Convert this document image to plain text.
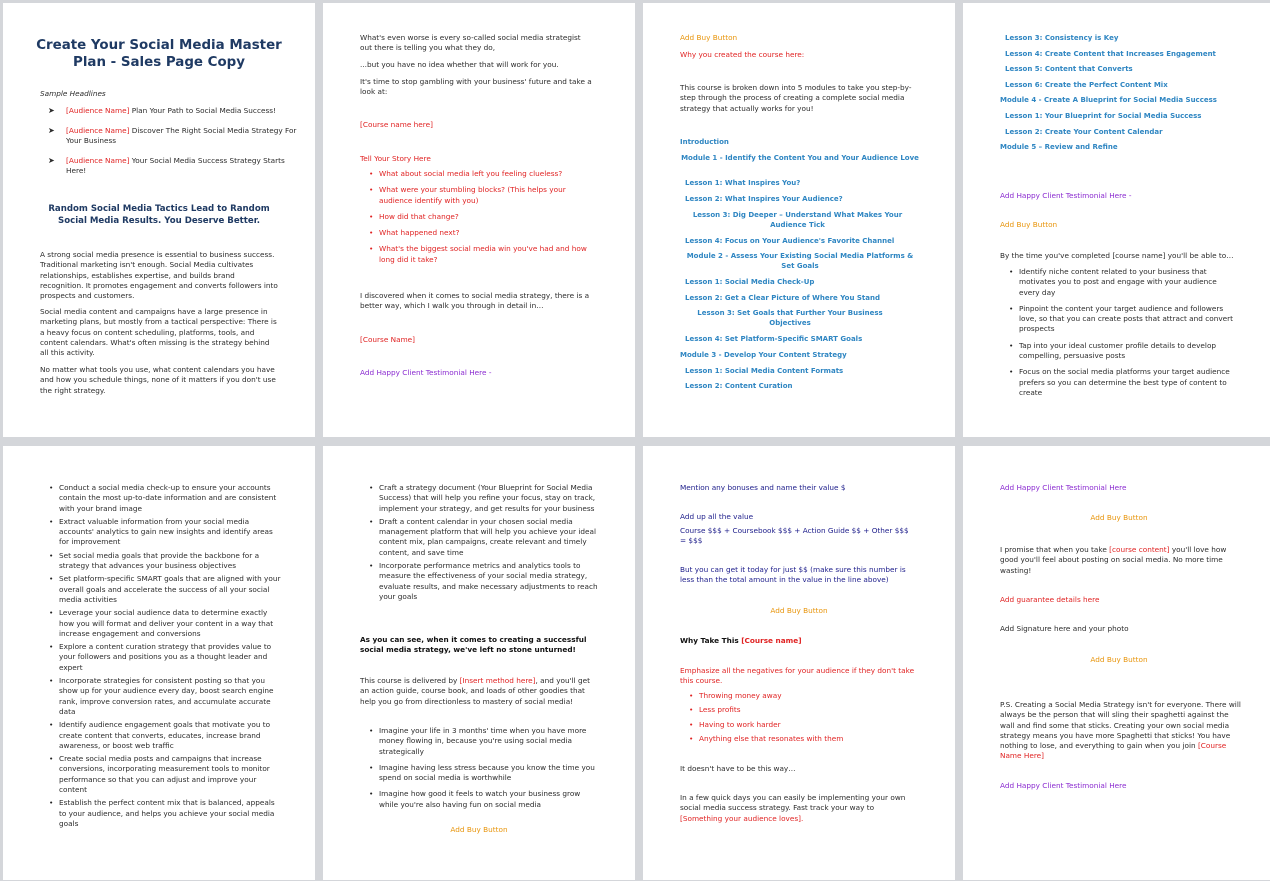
Create Your Social Media Master Plan - Sales Page Copy
Sample Headlines
➤ [Audience Name] Plan Your Path to Social Media Success!
➤ [Audience Name] Discover The Right Social Media Strategy For Your Business
➤ [Audience Name] Your Social Media Success Strategy Starts Here!
Random Social Media Tactics Lead to Random Social Media Results. You Deserve Better.
A strong social media presence is essential to business success. Traditional marketing isn't enough. Social Media cultivates relationships, establishes expertise, and builds brand recognition. It promotes engagement and converts followers into prospects and customers.
Social media content and campaigns have a large presence in marketing plans, but mostly from a tactical perspective: There is a heavy focus on content scheduling, platforms, tools, and content calendars. What's often missing is the strategy behind all this activity.
No matter what tools you use, what content calendars you have and how you schedule things, none of it matters if you don't use the right strategy.
What's even worse is every so-called social media strategist out there is telling you what they do,
...but you have no idea whether that will work for you.
It's time to stop gambling with your business' future and take a look at:
[Course name here]
Tell Your Story Here
• What about social media left you feeling clueless?
• What were your stumbling blocks? (This helps your audience identify with you)
• How did that change?
• What happened next?
• What's the biggest social media win you've had and how long did it take?
I discovered when it comes to social media strategy, there is a better way, which I walk you through in detail in…
[Course Name]
Add Happy Client Testimonial Here -
Add Buy Button
Why you created the course here:
This course is broken down into 5 modules to take you step-by-step through the process of creating a complete social media strategy that actually works for you!
Introduction
Module 1 - Identify the Content You and Your Audience Love
Lesson 1: What Inspires You?
Lesson 2: What Inspires Your Audience?
Lesson 3: Dig Deeper – Understand What Makes Your Audience Tick
Lesson 4: Focus on Your Audience's Favorite Channel
Module 2 - Assess Your Existing Social Media Platforms & Set Goals
Lesson 1: Social Media Check-Up
Lesson 2: Get a Clear Picture of Where You Stand
Lesson 3: Set Goals that Further Your Business Objectives
Lesson 4: Set Platform-Specific SMART Goals
Module 3 - Develop Your Content Strategy
Lesson 1: Social Media Content Formats
Lesson 2: Content Curation
Lesson 3: Consistency is Key
Lesson 4: Create Content that Increases Engagement
Lesson 5: Content that Converts
Lesson 6: Create the Perfect Content Mix
Module 4 - Create A Blueprint for Social Media Success
Lesson 1: Your Blueprint for Social Media Success
Lesson 2: Create Your Content Calendar
Module 5 – Review and Refine
Add Happy Client Testimonial Here -
Add Buy Button
By the time you've completed [course name] you'll be able to…
• Identify niche content related to your business that motivates you to post and engage with your audience every day
• Pinpoint the content your target audience and followers love, so that you can create posts that attract and convert prospects
• Tap into your ideal customer profile details to develop compelling, persuasive posts
• Focus on the social media platforms your target audience prefers so you can determine the best type of content to create
• Conduct a social media check-up to ensure your accounts contain the most up-to-date information and are consistent with your brand image
• Extract valuable information from your social media accounts' analytics to gain new insights and identify areas for improvement
• Set social media goals that provide the backbone for a strategy that advances your business objectives
• Set platform-specific SMART goals that are aligned with your overall goals and accelerate the success of all your social media activities
• Leverage your social audience data to determine exactly how you will format and deliver your content in a way that increase engagement and conversions
• Explore a content curation strategy that provides value to your followers and positions you as a thought leader and expert
• Incorporate strategies for consistent posting so that you show up for your audience every day, boost search engine rank, improve conversion rates, and accumulate accurate data
• Identify audience engagement goals that motivate you to create content that converts, educates, increase brand awareness, or boost web traffic
• Create social media posts and campaigns that increase conversions, incorporating measurement tools to monitor performance so that you can adjust and improve your content
• Establish the perfect content mix that is balanced, appeals to your audience, and helps you achieve your social media goals
• Craft a strategy document (Your Blueprint for Social Media Success) that will help you refine your focus, stay on track, implement your strategy, and get results for your business
• Draft a content calendar in your chosen social media management platform that will help you achieve your ideal content mix, plan campaigns, create relevant and timely content, and save time
• Incorporate performance metrics and analytics tools to measure the effectiveness of your social media strategy, evaluate results, and make necessary adjustments to reach your goals
As you can see, when it comes to creating a successful social media strategy, we've left no stone unturned!
This course is delivered by [Insert method here], and you'll get an action guide, course book, and loads of other goodies that help you go from directionless to mastery of social media!
• Imagine your life in 3 months' time when you have more money flowing in, because you're using social media strategically
• Imagine having less stress because you know the time you spend on social media is worthwhile
• Imagine how good it feels to watch your business grow while you're also having fun on social media
Add Buy Button
Mention any bonuses and name their value $
Add up all the value
Course $$$ + Coursebook $$$ + Action Guide $$ + Other $$$ = $$$
But you can get it today for just $$ (make sure this number is less than the total amount in the value in the line above)
Add Buy Button
Why Take This [Course name]
Emphasize all the negatives for your audience if they don't take this course.
• Throwing money away
• Less profits
• Having to work harder
• Anything else that resonates with them
It doesn't have to be this way…
In a few quick days you can easily be implementing your own social media success strategy. Fast track your way to
[Something your audience loves].
Add Happy Client Testimonial Here
Add Buy Button
I promise that when you take [course content] you'll love how good you'll feel about posting on social media. No more time wasting!
Add guarantee details here
Add Signature here and your photo
Add Buy Button
P.S. Creating a Social Media Strategy isn't for everyone. There will always be the person that will sling their spaghetti against the wall and find some that sticks. Creating your own social media strategy means you have more Spaghetti that sticks! You have nothing to lose, and everything to gain when you join [Course Name Here]
Add Happy Client Testimonial Here
